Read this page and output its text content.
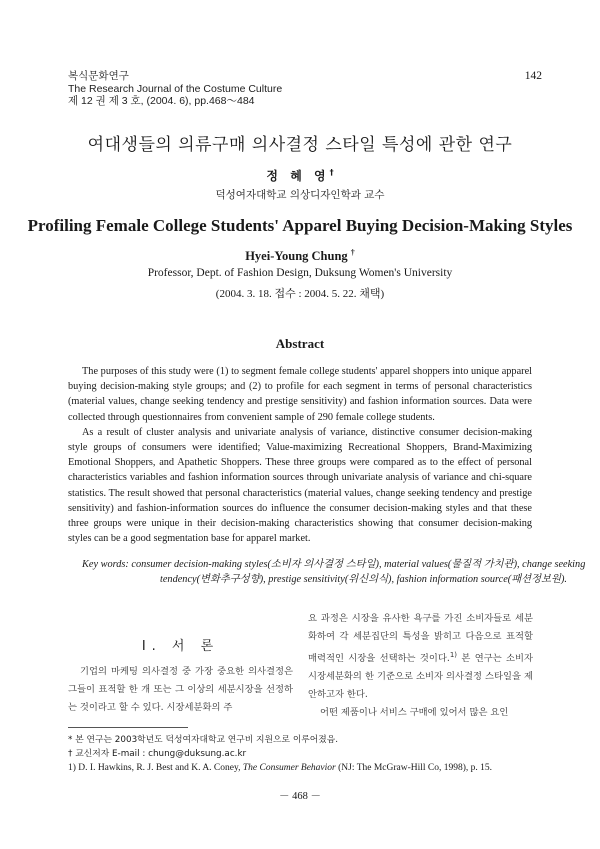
복식문화연구
The Research Journal of the Costume Culture
제 12 권 제 3 호, (2004. 6), pp.468～484
142
여대생들의 의류구매 의사결정 스타일 특성에 관한 연구
정 혜 영†
덕성여자대학교 의상디자인학과 교수
Profiling Female College Students' Apparel Buying Decision-Making Styles
Hyei-Young Chung †
Professor, Dept. of Fashion Design, Duksung Women's University
(2004. 3. 18. 접수 : 2004. 5. 22. 채택)
Abstract

The purposes of this study were (1) to segment female college students' apparel shoppers into unique apparel buying decision-making style groups; and (2) to profile for each segment in terms of personal characteristics (material values, change seeking tendency and prestige sensitivity) and fashion information sources. Data were collected through questionnaires from convenient sample of 290 female college students.

As a result of cluster analysis and univariate analysis of variance, distinctive consumer decision-making style groups of consumers were identified; Value-maximizing Recreational Shoppers, Brand-Maximizing Emotional Shoppers, and Apathetic Shoppers. These three groups were compared as to the effect of personal characteristics variables and fashion information sources through univariate analysis of variance and chi-square statistics. The result showed that personal characteristics (material values, change seeking tendency and prestige sensitivity) and fashion-information sources do influence the consumer decision-making styles and that these three groups were unique in their decision-making characteristics showing that consumer decision-making styles can be a good segmentation base for apparel market.

Key words: consumer decision-making styles(소비자 의사결정 스타일), material values(물질적 가치관), change seeking tendency(변화추구성향), prestige sensitivity(위신의식), fashion information source(패션정보원).
I. 서 론
기업의 마케팅 의사결정 중 가장 중요한 의사결정은 그들이 표적할 한 개 또는 그 이상의 세분시장을 선정하는 것이라고 할 수 있다. 시장세분화의 주

요 과정은 시장을 유사한 욕구를 가진 소비자들로 세분화하여 각 세분집단의 특성을 밝히고 다음으로 표적할 매력적인 시장을 선택하는 것이다.$^{1)}$ 본 연구는 소비자 시장세분화의 한 기준으로 소비자 의사결정 스타일을 제안하고자 한다.

어떤 제품이나 서비스 구매에 있어서 많은 요인

* 본 연구는 2003학년도 덕성여자대학교 연구비 지원으로 이루어졌음.
† 교신저자 E-mail : chung@duksung.ac.kr
1) D. I. Hawkins, R. J. Best and K. A. Coney, The Consumer Behavior (NJ: The McGraw-Hill Co, 1998), p. 15.
－ 468 －
